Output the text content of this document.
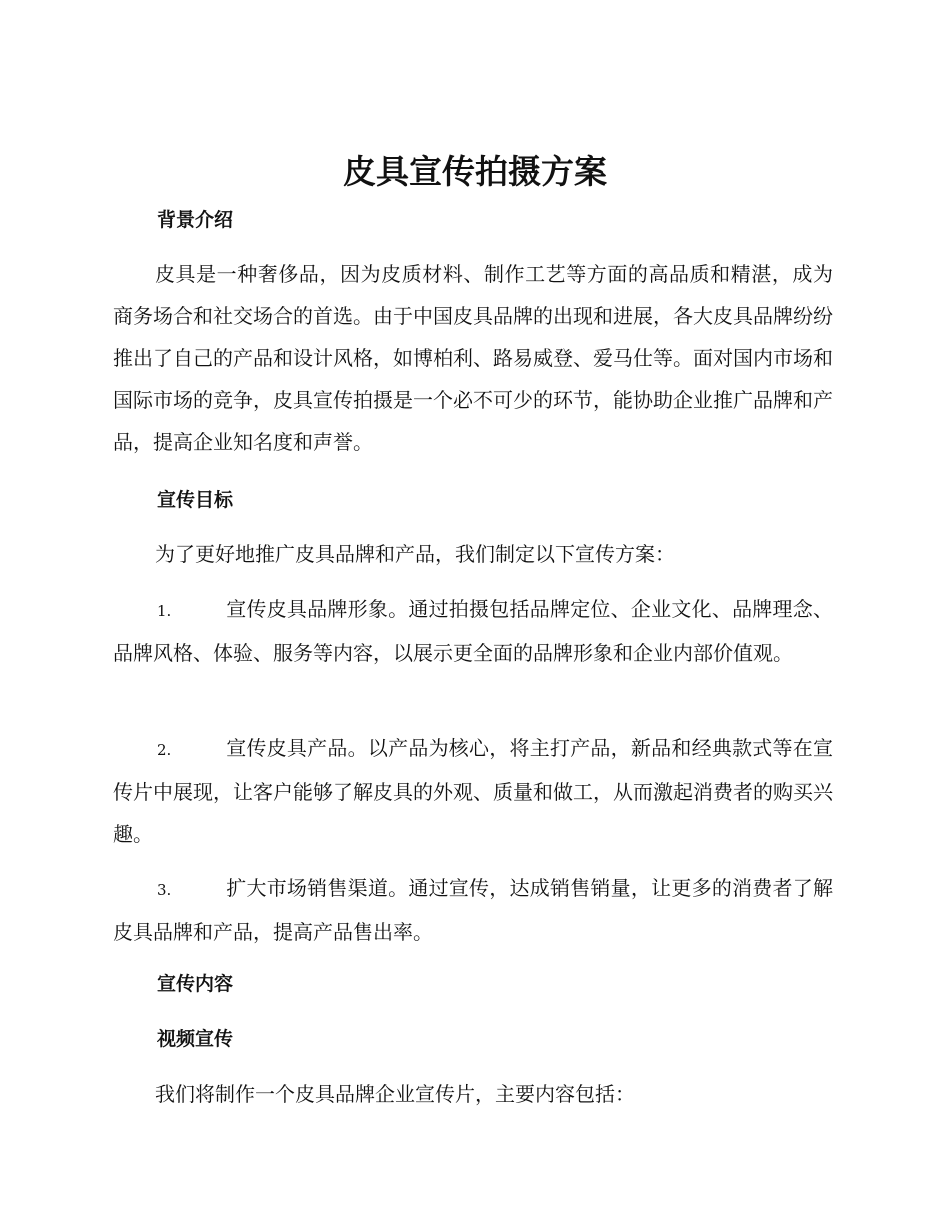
皮具宣传拍摄方案
背景介绍

皮具是一种奢侈品，因为皮质材料、制作工艺等方面的高品质和精湛，成为商务场合和社交场合的首选。由于中国皮具品牌的出现和进展，各大皮具品牌纷纷推出了自己的产品和设计风格，如博柏利、路易威登、爱马仕等。面对国内市场和国际市场的竞争，皮具宣传拍摄是一个必不可少的环节，能协助企业推广品牌和产品，提高企业知名度和声誉。

宣传目标

为了更好地推广皮具品牌和产品，我们制定以下宣传方案：

1.	宣传皮具品牌形象。通过拍摄包括品牌定位、企业文化、品牌理念、品牌风格、体验、服务等内容，以展示更全面的品牌形象和企业内部价值观。

2.	宣传皮具产品。以产品为核心，将主打产品，新品和经典款式等在宣传片中展现，让客户能够了解皮具的外观、质量和做工，从而激起消费者的购买兴趣。

3.	扩大市场销售渠道。通过宣传，达成销售销量，让更多的消费者了解皮具品牌和产品，提高产品售出率。

宣传内容
视频宣传

我们将制作一个皮具品牌企业宣传片，主要内容包括：
